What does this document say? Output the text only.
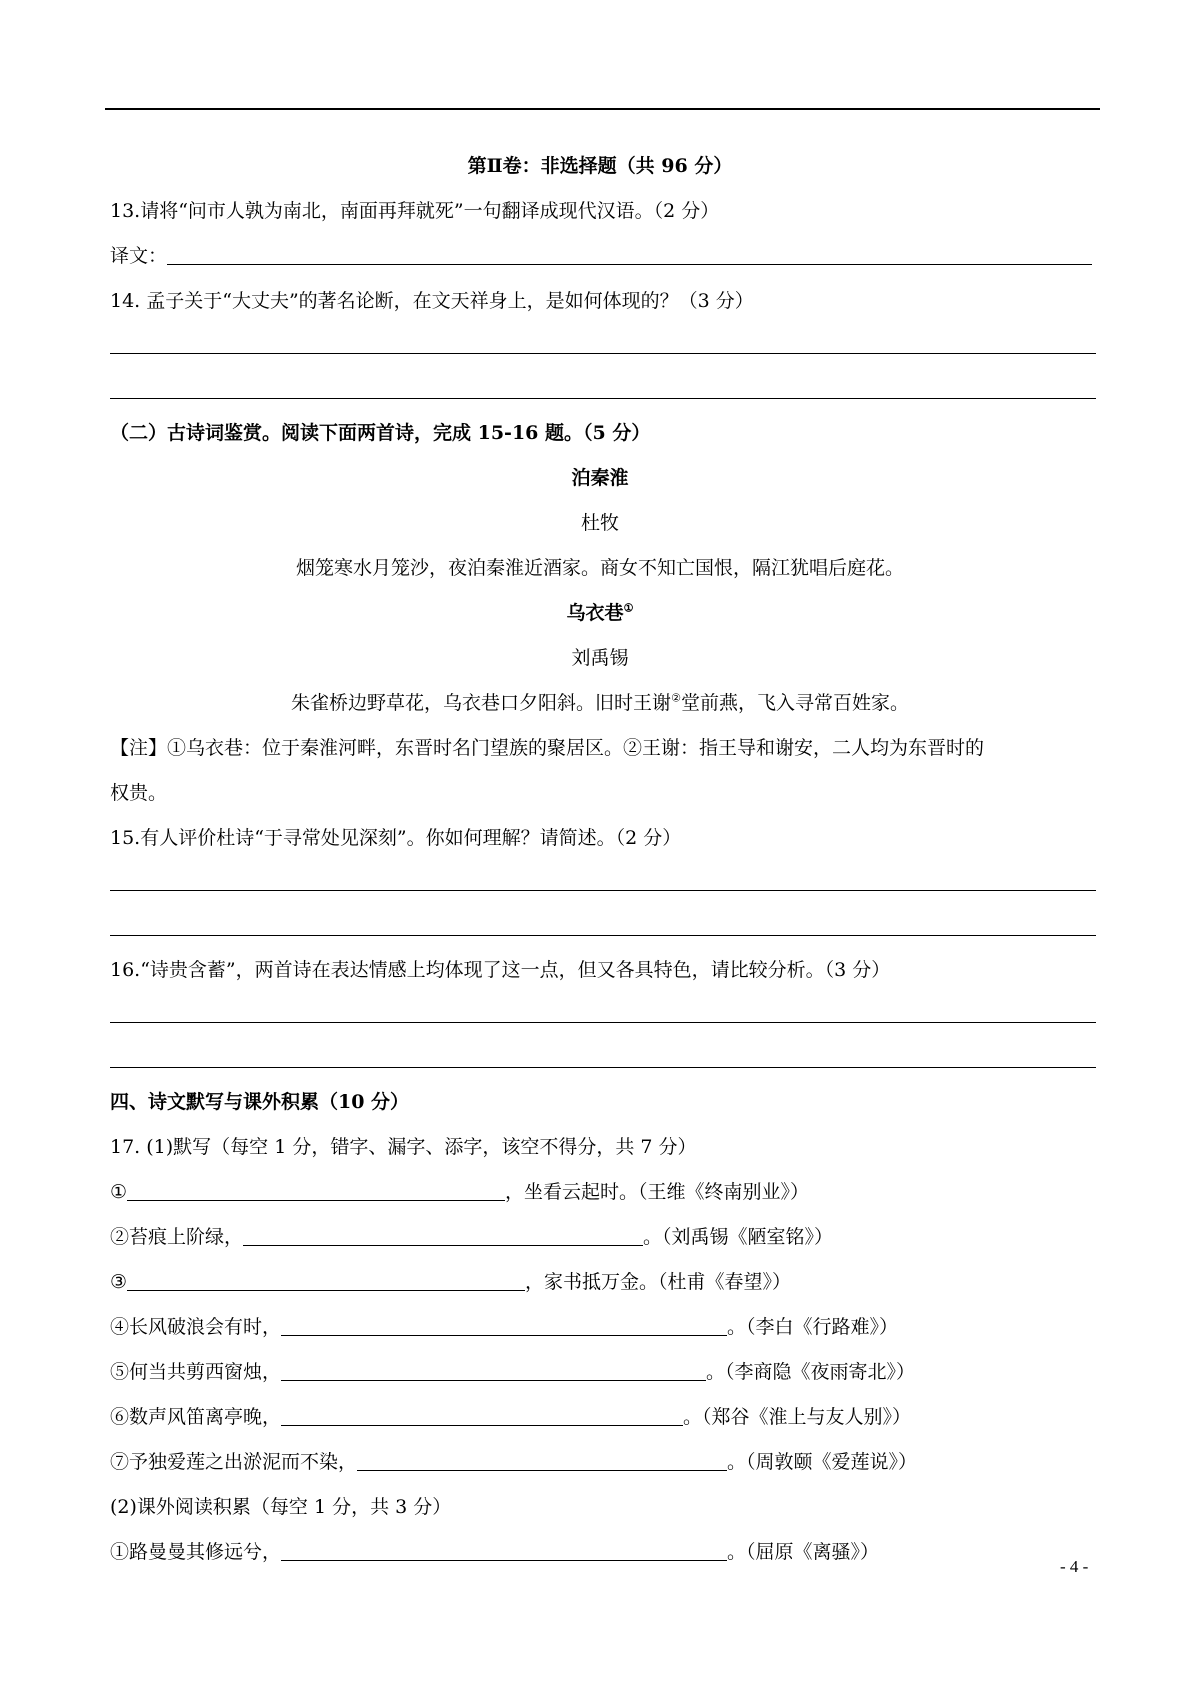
第Ⅱ卷：非选择题（共 96 分）
13.请将“问市人孰为南北，南面再拜就死”一句翻译成现代汉语。（2 分）
译文：
14. 孟子关于“大丈夫”的著名论断，在文天祥身上，是如何体现的？（3 分）
（二）古诗词鉴赏。阅读下面两首诗，完成 15-16 题。（5 分）
泊秦淮
杜牧
烟笼寒水月笼沙，夜泊秦淮近酒家。商女不知亡国恨，隔江犹唱后庭花。
乌衣巷①
刘禹锡
朱雀桥边野草花，乌衣巷口夕阳斜。旧时王谢②堂前燕，飞入寻常百姓家。
【注】①乌衣巷：位于秦淮河畔，东晋时名门望族的聚居区。②王谢：指王导和谢安，二人均为东晋时的
权贵。
15.有人评价杜诗“于寻常处见深刻”。你如何理解？请简述。（2 分）
16.“诗贵含蓄”，两首诗在表达情感上均体现了这一点，但又各具特色，请比较分析。（3 分）
四、诗文默写与课外积累（10 分）
17. (1)默写（每空 1 分，错字、漏字、添字，该空不得分，共 7 分）
①	，坐看云起时。（王维《终南别业》）
②苔痕上阶绿，	。（刘禹锡《陋室铭》）
③	，家书抵万金。（杜甫《春望》）
④长风破浪会有时，	。（李白《行路难》）
⑤何当共剪西窗烛，	。（李商隐《夜雨寄北》）
⑥数声风笛离亭晚，	。（郑谷《淮上与友人别》）
⑦予独爱莲之出淤泥而不染，	。（周敦颐《爱莲说》）
(2)课外阅读积累（每空 1 分，共 3 分）
①路曼曼其修远兮，	。（屈原《离骚》）
- 4 -
